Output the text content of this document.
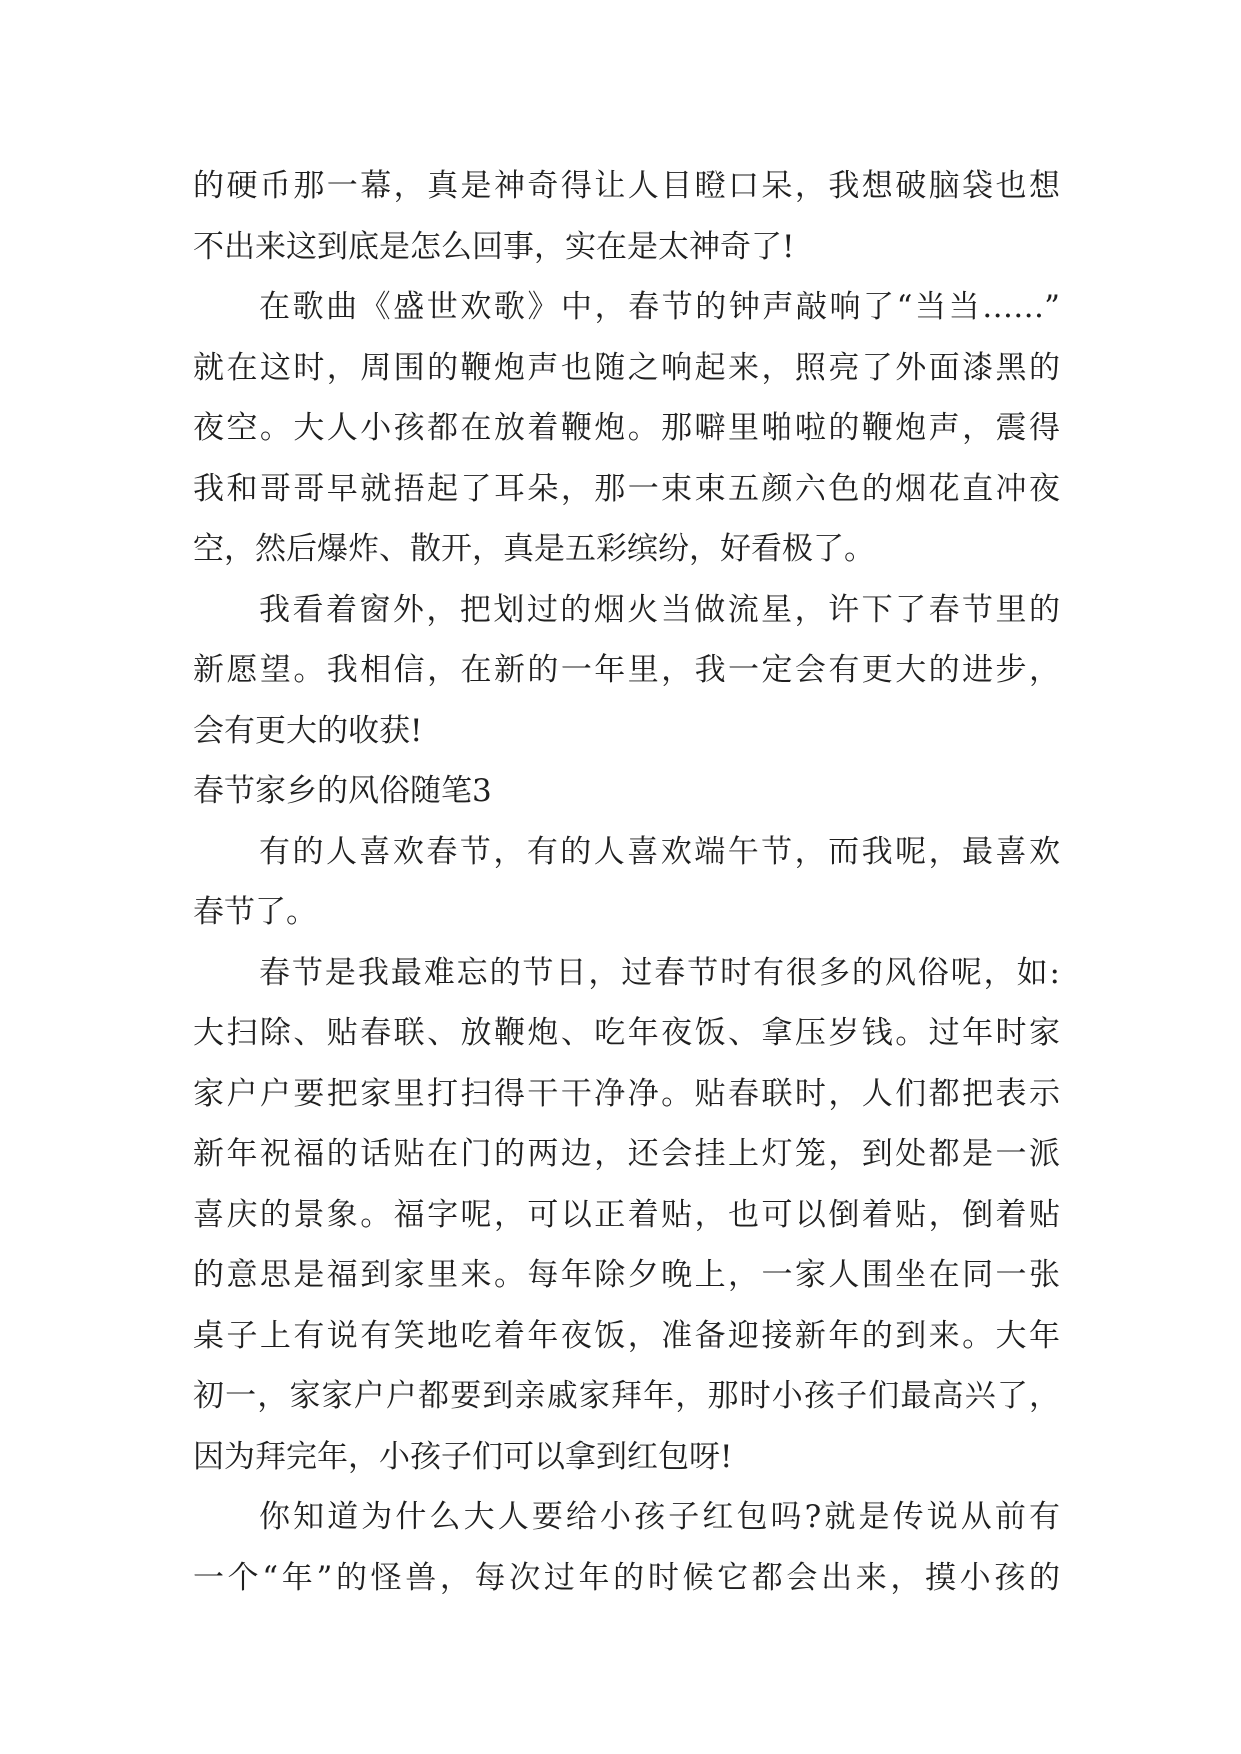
的硬币那一幕，真是神奇得让人目瞪口呆，我想破脑袋也想
不出来这到底是怎么回事，实在是太神奇了!
在歌曲《盛世欢歌》中，春节的钟声敲响了“当当……”
就在这时，周围的鞭炮声也随之响起来，照亮了外面漆黑的
夜空。大人小孩都在放着鞭炮。那噼里啪啦的鞭炮声，震得
我和哥哥早就捂起了耳朵，那一束束五颜六色的烟花直冲夜
空，然后爆炸、散开，真是五彩缤纷，好看极了。
我看着窗外，把划过的烟火当做流星，许下了春节里的
新愿望。我相信，在新的一年里，我一定会有更大的进步，
会有更大的收获!
春节家乡的风俗随笔3
有的人喜欢春节，有的人喜欢端午节，而我呢，最喜欢
春节了。
春节是我最难忘的节日，过春节时有很多的风俗呢，如:
大扫除、贴春联、放鞭炮、吃年夜饭、拿压岁钱。过年时家
家户户要把家里打扫得干干净净。贴春联时，人们都把表示
新年祝福的话贴在门的两边，还会挂上灯笼，到处都是一派
喜庆的景象。福字呢，可以正着贴，也可以倒着贴，倒着贴
的意思是福到家里来。每年除夕晚上，一家人围坐在同一张
桌子上有说有笑地吃着年夜饭，准备迎接新年的到来。大年
初一，家家户户都要到亲戚家拜年，那时小孩子们最高兴了，
因为拜完年，小孩子们可以拿到红包呀!
你知道为什么大人要给小孩子红包吗?就是传说从前有
一个“年”的怪兽，每次过年的时候它都会出来，摸小孩的
